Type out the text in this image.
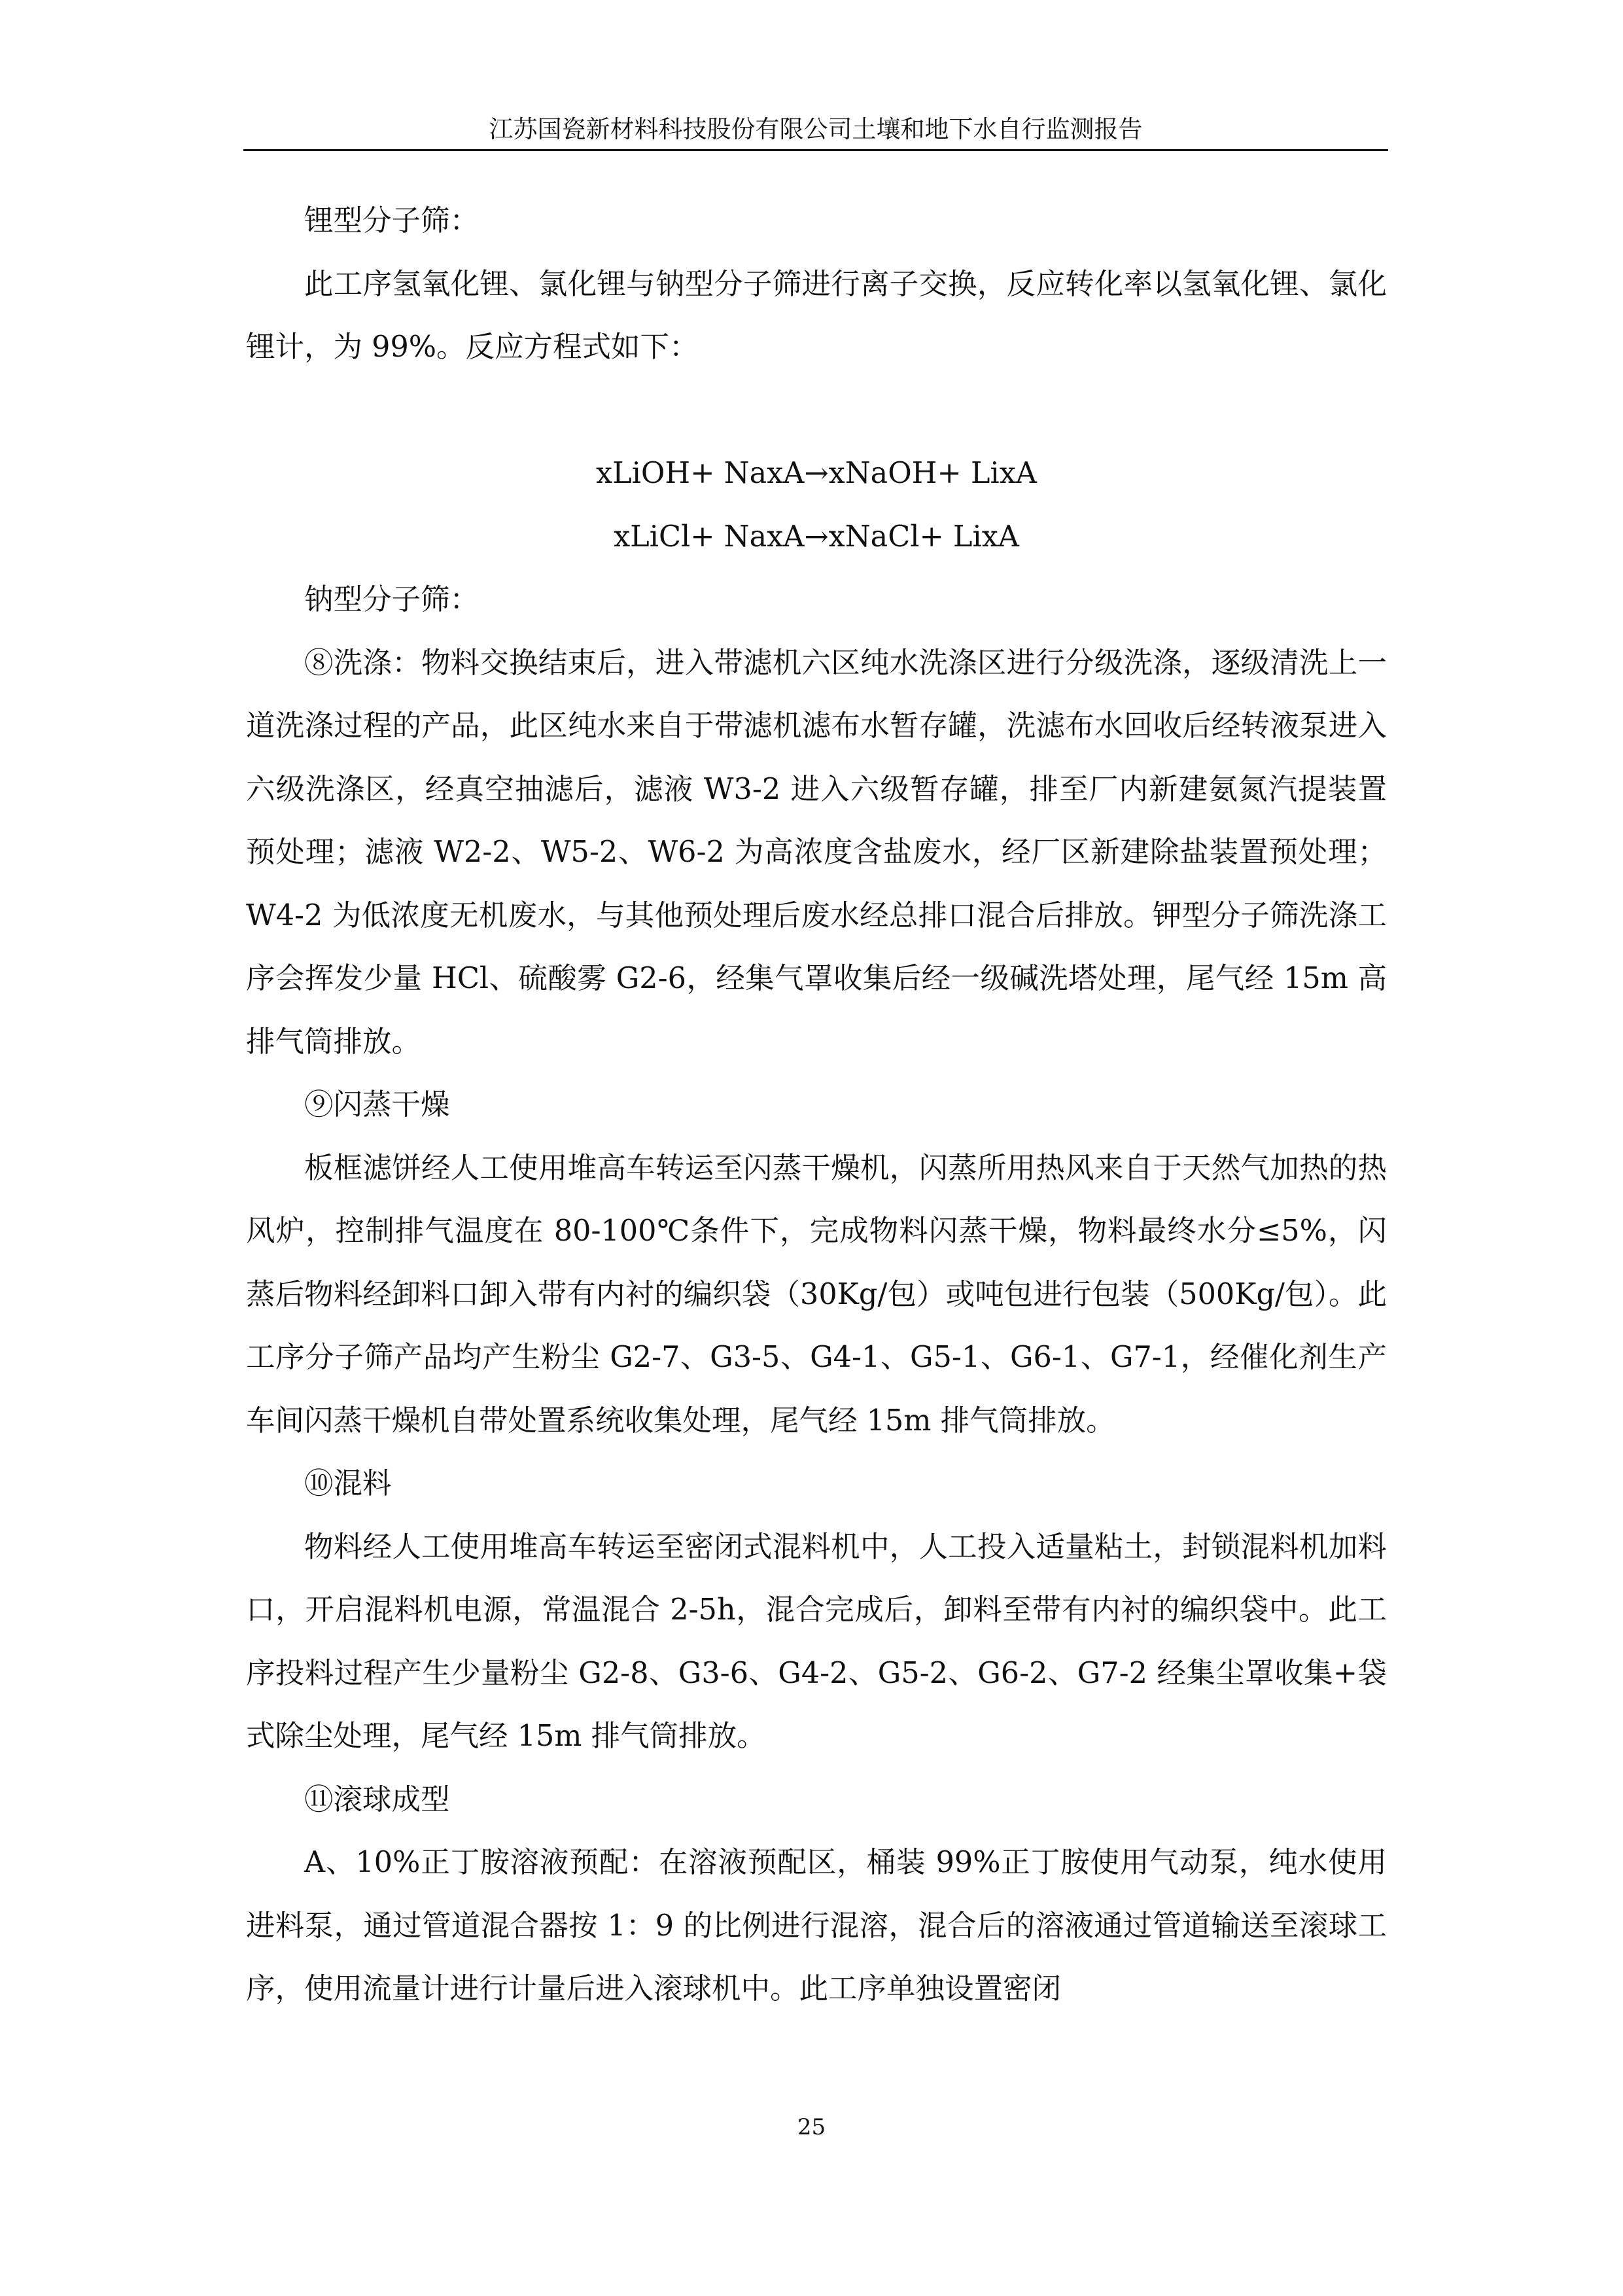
江苏国瓷新材料科技股份有限公司土壤和地下水自行监测报告

锂型分子筛：

此工序氢氧化锂、氯化锂与钠型分子筛进行离子交换，反应转化率以氢氧化锂、氯化锂计，为 99%。反应方程式如下：

xLiOH+ NaxA→xNaOH+ LixA

xLiCl+ NaxA→xNaCl+ LixA

钠型分子筛：

⑧洗涤：物料交换结束后，进入带滤机六区纯水洗涤区进行分级洗涤，逐级清洗上一道洗涤过程的产品，此区纯水来自于带滤机滤布水暂存罐，洗滤布水回收后经转液泵进入六级洗涤区，经真空抽滤后，滤液 W3-2 进入六级暂存罐，排至厂内新建氨氮汽提装置预处理；滤液 W2-2、W5-2、W6-2 为高浓度含盐废水，经厂区新建除盐装置预处理；W4-2 为低浓度无机废水，与其他预处理后废水经总排口混合后排放。钾型分子筛洗涤工序会挥发少量 HCl、硫酸雾 G2-6，经集气罩收集后经一级碱洗塔处理，尾气经 15m 高排气筒排放。

⑨闪蒸干燥

板框滤饼经人工使用堆高车转运至闪蒸干燥机，闪蒸所用热风来自于天然气加热的热风炉，控制排气温度在 80-100℃条件下，完成物料闪蒸干燥，物料最终水分≤5%，闪蒸后物料经卸料口卸入带有内衬的编织袋（30Kg/包）或吨包进行包装（500Kg/包）。此工序分子筛产品均产生粉尘 G2-7、G3-5、G4-1、G5-1、G6-1、G7-1，经催化剂生产车间闪蒸干燥机自带处置系统收集处理，尾气经 15m 排气筒排放。

⑩混料

物料经人工使用堆高车转运至密闭式混料机中，人工投入适量粘土，封锁混料机加料口，开启混料机电源，常温混合 2-5h，混合完成后，卸料至带有内衬的编织袋中。此工序投料过程产生少量粉尘 G2-8、G3-6、G4-2、G5-2、G6-2、G7-2 经集尘罩收集+袋式除尘处理，尾气经 15m 排气筒排放。

⑪滚球成型

A、10%正丁胺溶液预配：在溶液预配区，桶装 99%正丁胺使用气动泵，纯水使用进料泵，通过管道混合器按 1：9 的比例进行混溶，混合后的溶液通过管道输送至滚球工序，使用流量计进行计量后进入滚球机中。此工序单独设置密闭

25
